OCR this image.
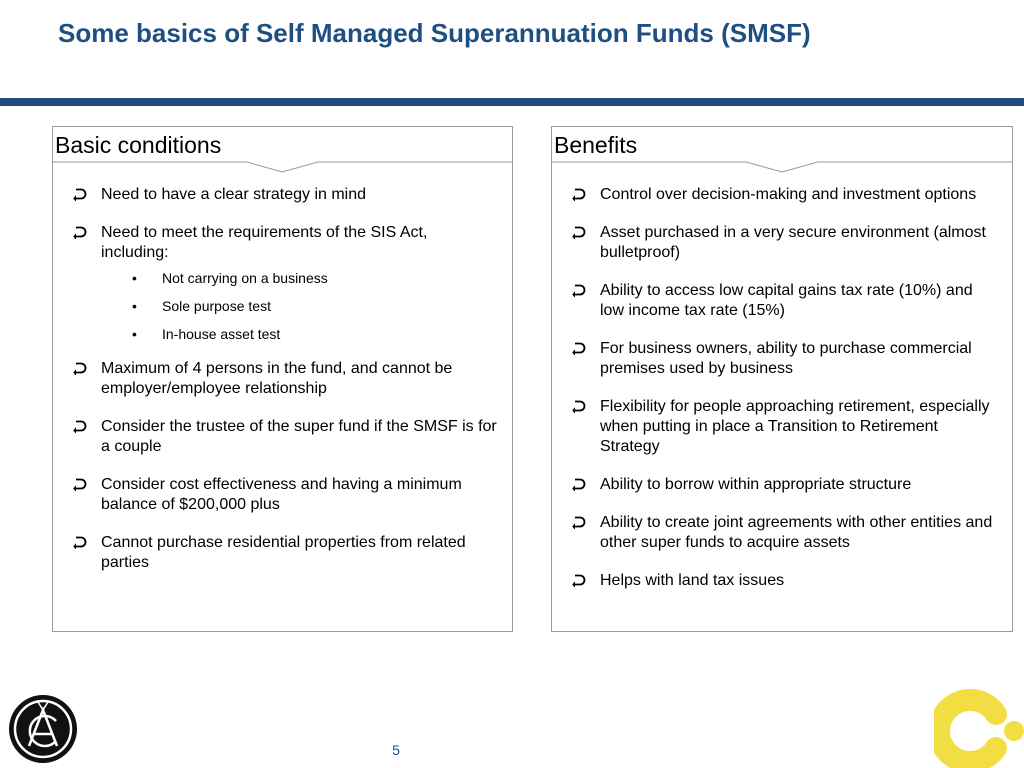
Some basics of Self Managed Superannuation Funds (SMSF)
Basic conditions
Need to have a clear strategy in mind
Need to meet the requirements of the SIS Act, including:
• Not carrying on a business
• Sole purpose test
• In-house asset test
Maximum of 4 persons in the fund, and cannot be employer/employee relationship
Consider the trustee of the super fund if the SMSF is for a couple
Consider cost effectiveness and having a minimum balance of $200,000 plus
Cannot purchase residential properties from related parties
Benefits
Control over decision-making and investment options
Asset purchased in a very secure environment (almost bulletproof)
Ability to access low capital gains tax rate (10%) and low income tax rate (15%)
For business owners, ability to purchase commercial premises used by business
Flexibility for people approaching retirement, especially when putting in place a Transition to Retirement Strategy
Ability to borrow within appropriate structure
Ability to create joint agreements with other entities and other super funds to acquire assets
Helps with land tax issues
5
